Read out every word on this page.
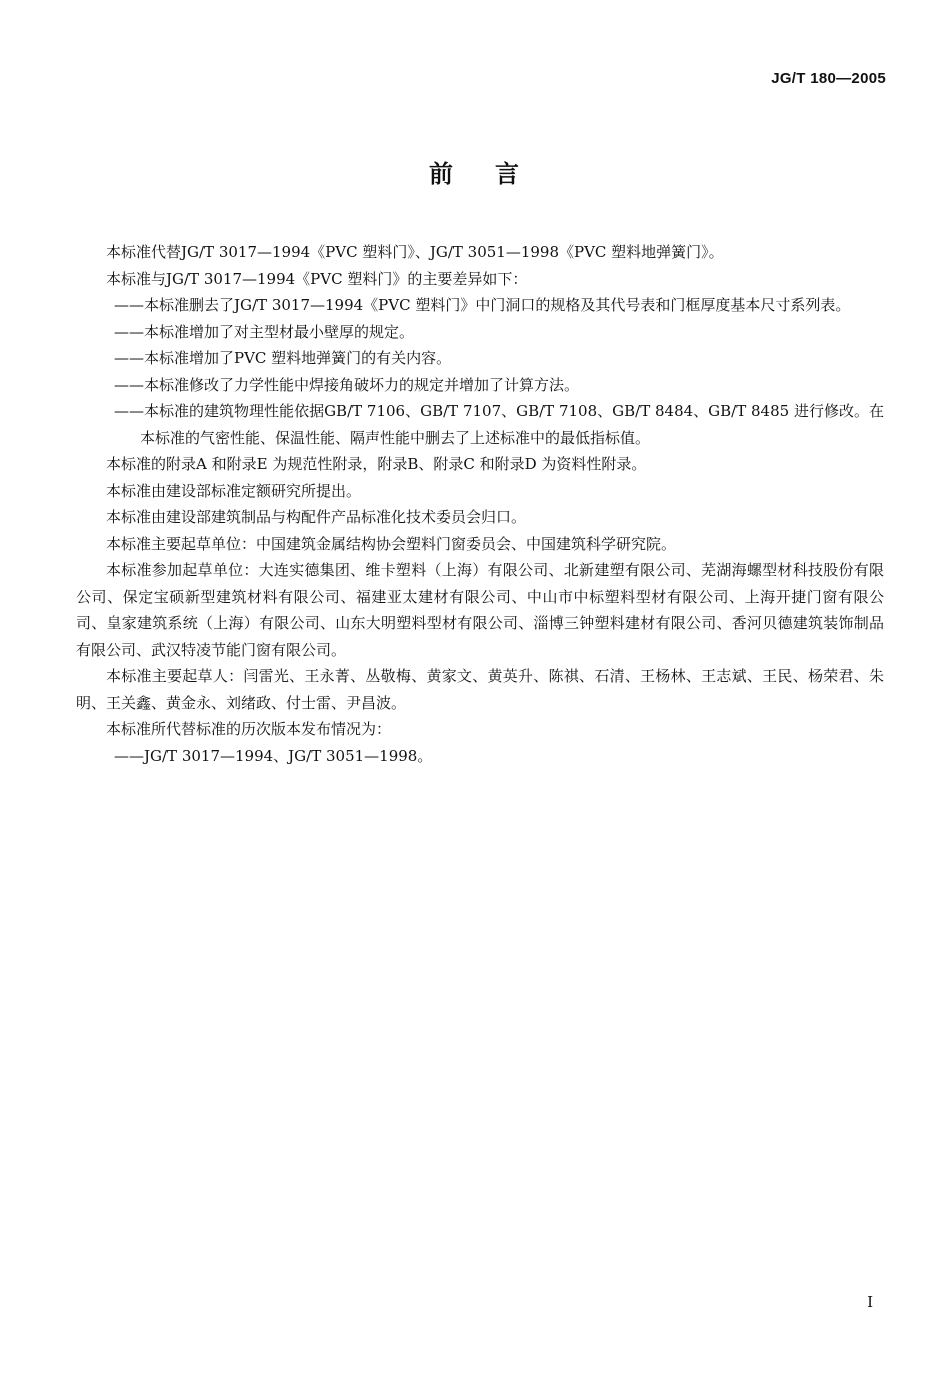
JG/T 180—2005
前 言

本标准代替JG/T 3017—1994《PVC 塑料门》、JG/T 3051—1998《PVC 塑料地弹簧门》。

本标准与JG/T 3017—1994《PVC 塑料门》的主要差异如下：

——本标准删去了JG/T 3017—1994《PVC 塑料门》中门洞口的规格及其代号表和门框厚度基本尺寸系列表。

——本标准增加了对主型材最小壁厚的规定。

——本标准增加了PVC 塑料地弹簧门的有关内容。

——本标准修改了力学性能中焊接角破坏力的规定并增加了计算方法。

——本标准的建筑物理性能依据GB/T 7106、GB/T 7107、GB/T 7108、GB/T 8484、GB/T 8485 进行修改。在本标准的气密性能、保温性能、隔声性能中删去了上述标准中的最低指标值。

本标准的附录A 和附录E 为规范性附录，附录B、附录C 和附录D 为资料性附录。

本标准由建设部标准定额研究所提出。

本标准由建设部建筑制品与构配件产品标准化技术委员会归口。

本标准主要起草单位：中国建筑金属结构协会塑料门窗委员会、中国建筑科学研究院。

本标准参加起草单位：大连实德集团、维卡塑料（上海）有限公司、北新建塑有限公司、芜湖海螺型材科技股份有限公司、保定宝硕新型建筑材料有限公司、福建亚太建材有限公司、中山市中标塑料型材有限公司、上海开捷门窗有限公司、皇家建筑系统（上海）有限公司、山东大明塑料型材有限公司、淄博三钟塑料建材有限公司、香河贝德建筑装饰制品有限公司、武汉特凌节能门窗有限公司。

本标准主要起草人：闫雷光、王永菁、丛敬梅、黄家文、黄英升、陈祺、石清、王杨林、王志斌、王民、杨荣君、朱明、王关鑫、黄金永、刘绪政、付士雷、尹昌波。

本标准所代替标准的历次版本发布情况为：

——JG/T 3017—1994、JG/T 3051—1998。

I
